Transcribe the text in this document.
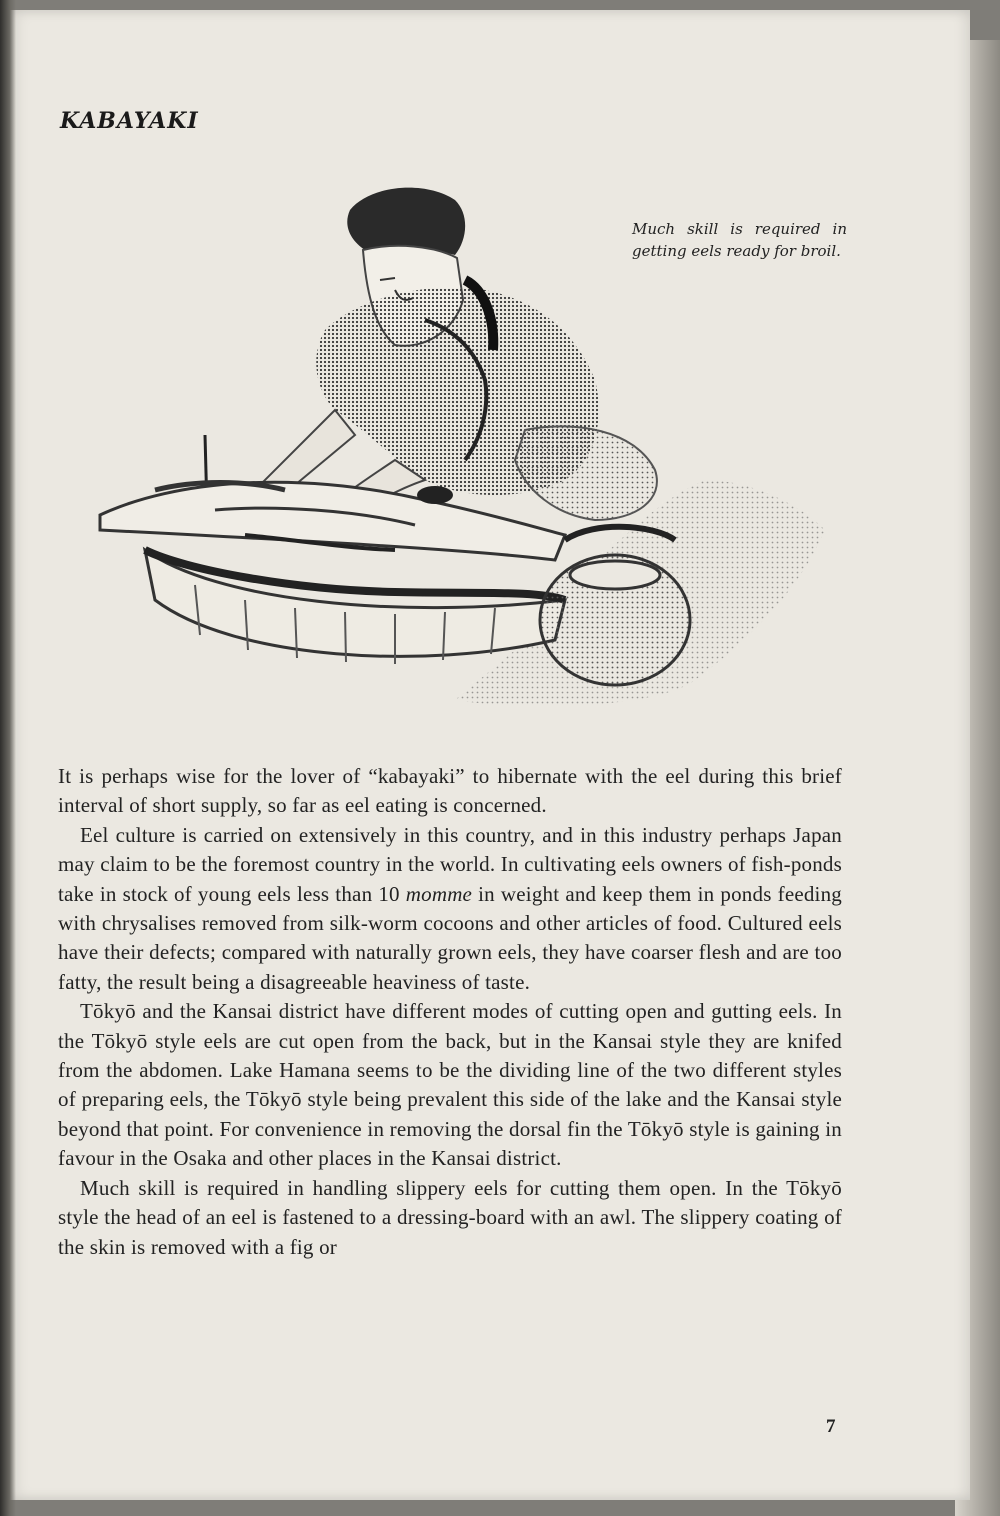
KABAYAKI
Much skill is required in getting eels ready for broil.

It is perhaps wise for the lover of “kabayaki” to hibernate with the eel during this brief interval of short supply, so far as eel eating is concerned.

Eel culture is carried on extensively in this country, and in this industry perhaps Japan may claim to be the foremost country in the world. In cultivating eels owners of fish-ponds take in stock of young eels less than 10 momme in weight and keep them in ponds feeding with chrysalises removed from silk-worm cocoons and other articles of food. Cultured eels have their defects; compared with naturally grown eels, they have coarser flesh and are too fatty, the result being a disagreeable heaviness of taste.

Tōkyō and the Kansai district have different modes of cutting open and gutting eels. In the Tōkyō style eels are cut open from the back, but in the Kansai style they are knifed from the abdomen. Lake Hamana seems to be the dividing line of the two different styles of preparing eels, the Tōkyō style being prevalent this side of the lake and the Kansai style beyond that point. For convenience in removing the dorsal fin the Tōkyō style is gaining in favour in the Osaka and other places in the Kansai district.

Much skill is required in handling slippery eels for cutting them open. In the Tōkyō style the head of an eel is fastened to a dressing-board with an awl. The slippery coating of the skin is removed with a fig or

7
